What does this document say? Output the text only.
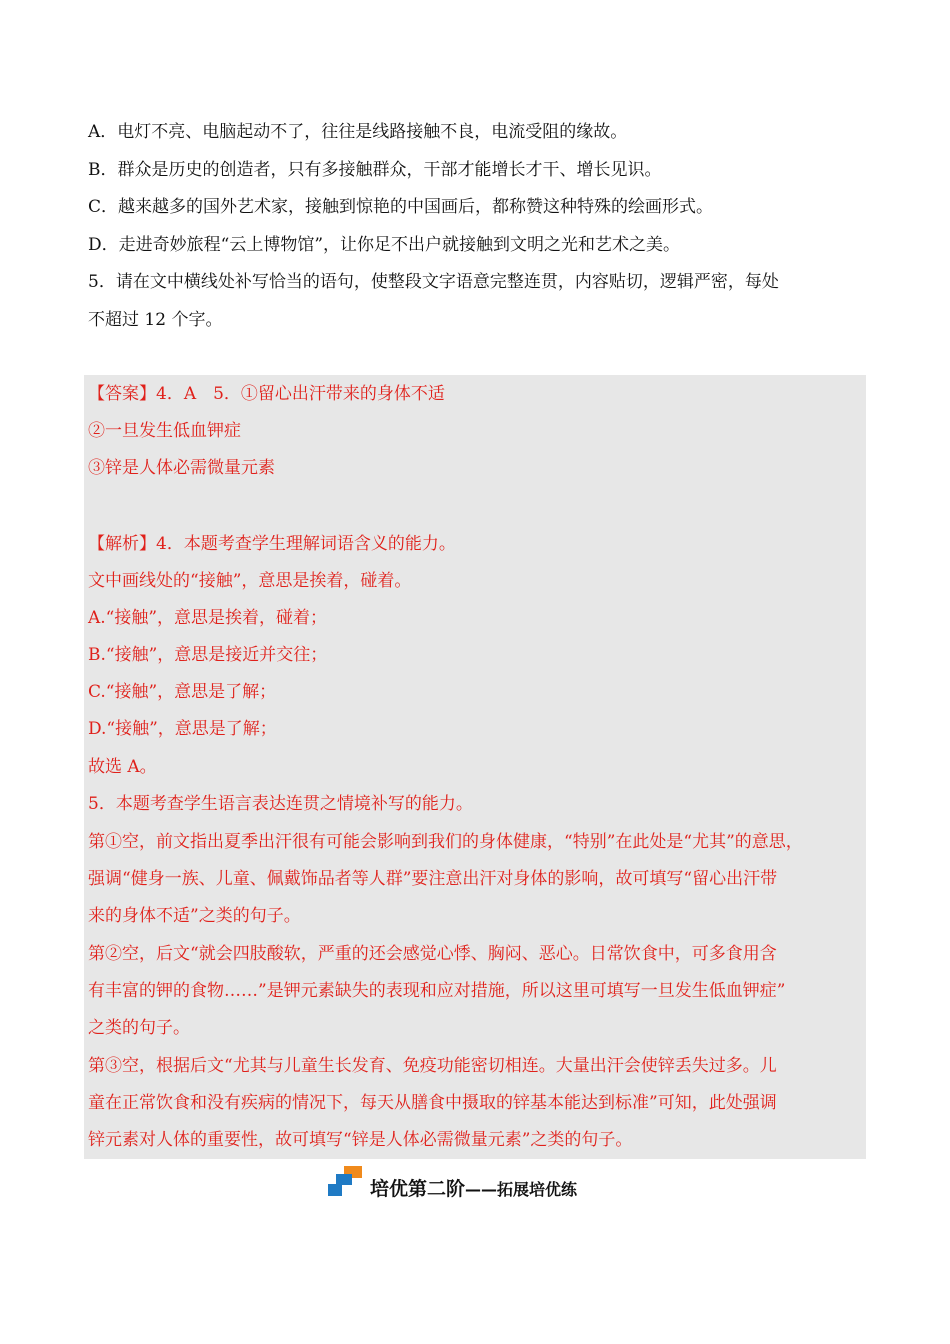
A．电灯不亮、电脑起动不了，往往是线路接触不良，电流受阻的缘故。
B．群众是历史的创造者，只有多接触群众，干部才能增长才干、增长见识。
C．越来越多的国外艺术家，接触到惊艳的中国画后，都称赞这种特殊的绘画形式。
D．走进奇妙旅程“云上博物馆”，让你足不出户就接触到文明之光和艺术之美。
5．请在文中横线处补写恰当的语句，使整段文字语意完整连贯，内容贴切，逻辑严密，每处
不超过 12 个字。
【答案】4．A　5．①留心出汗带来的身体不适
②一旦发生低血钾症
③锌是人体必需微量元素
【解析】4．本题考查学生理解词语含义的能力。
文中画线处的“接触”，意思是挨着，碰着。
A.“接触”，意思是挨着，碰着；
B.“接触”，意思是接近并交往；
C.“接触”，意思是了解；
D.“接触”，意思是了解；
故选 A。
5．本题考查学生语言表达连贯之情境补写的能力。
第①空，前文指出夏季出汗很有可能会影响到我们的身体健康，“特别”在此处是“尤其”的意思，
强调“健身一族、儿童、佩戴饰品者等人群”要注意出汗对身体的影响，故可填写“留心出汗带
来的身体不适”之类的句子。
第②空，后文“就会四肢酸软，严重的还会感觉心悸、胸闷、恶心。日常饮食中，可多食用含
有丰富的钾的食物……”是钾元素缺失的表现和应对措施，所以这里可填写一旦发生低血钾症”
之类的句子。
第③空，根据后文“尤其与儿童生长发育、免疫功能密切相连。大量出汗会使锌丢失过多。儿
童在正常饮食和没有疾病的情况下，每天从膳食中摄取的锌基本能达到标准”可知，此处强调
锌元素对人体的重要性，故可填写“锌是人体必需微量元素”之类的句子。
培优第二阶——拓展培优练
